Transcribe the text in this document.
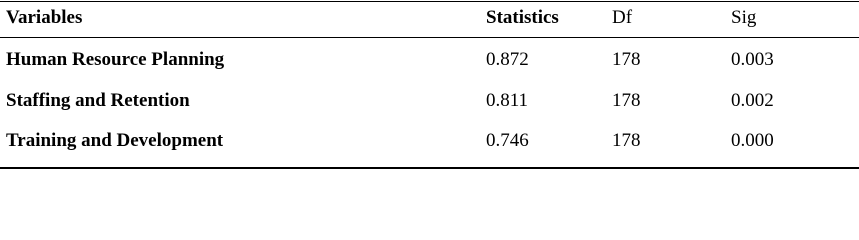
Variables	Statistics	Df	Sig
Human Resource Planning	0.872	178	0.003
Staffing and Retention	0.811	178	0.002
Training and Development	0.746	178	0.000
